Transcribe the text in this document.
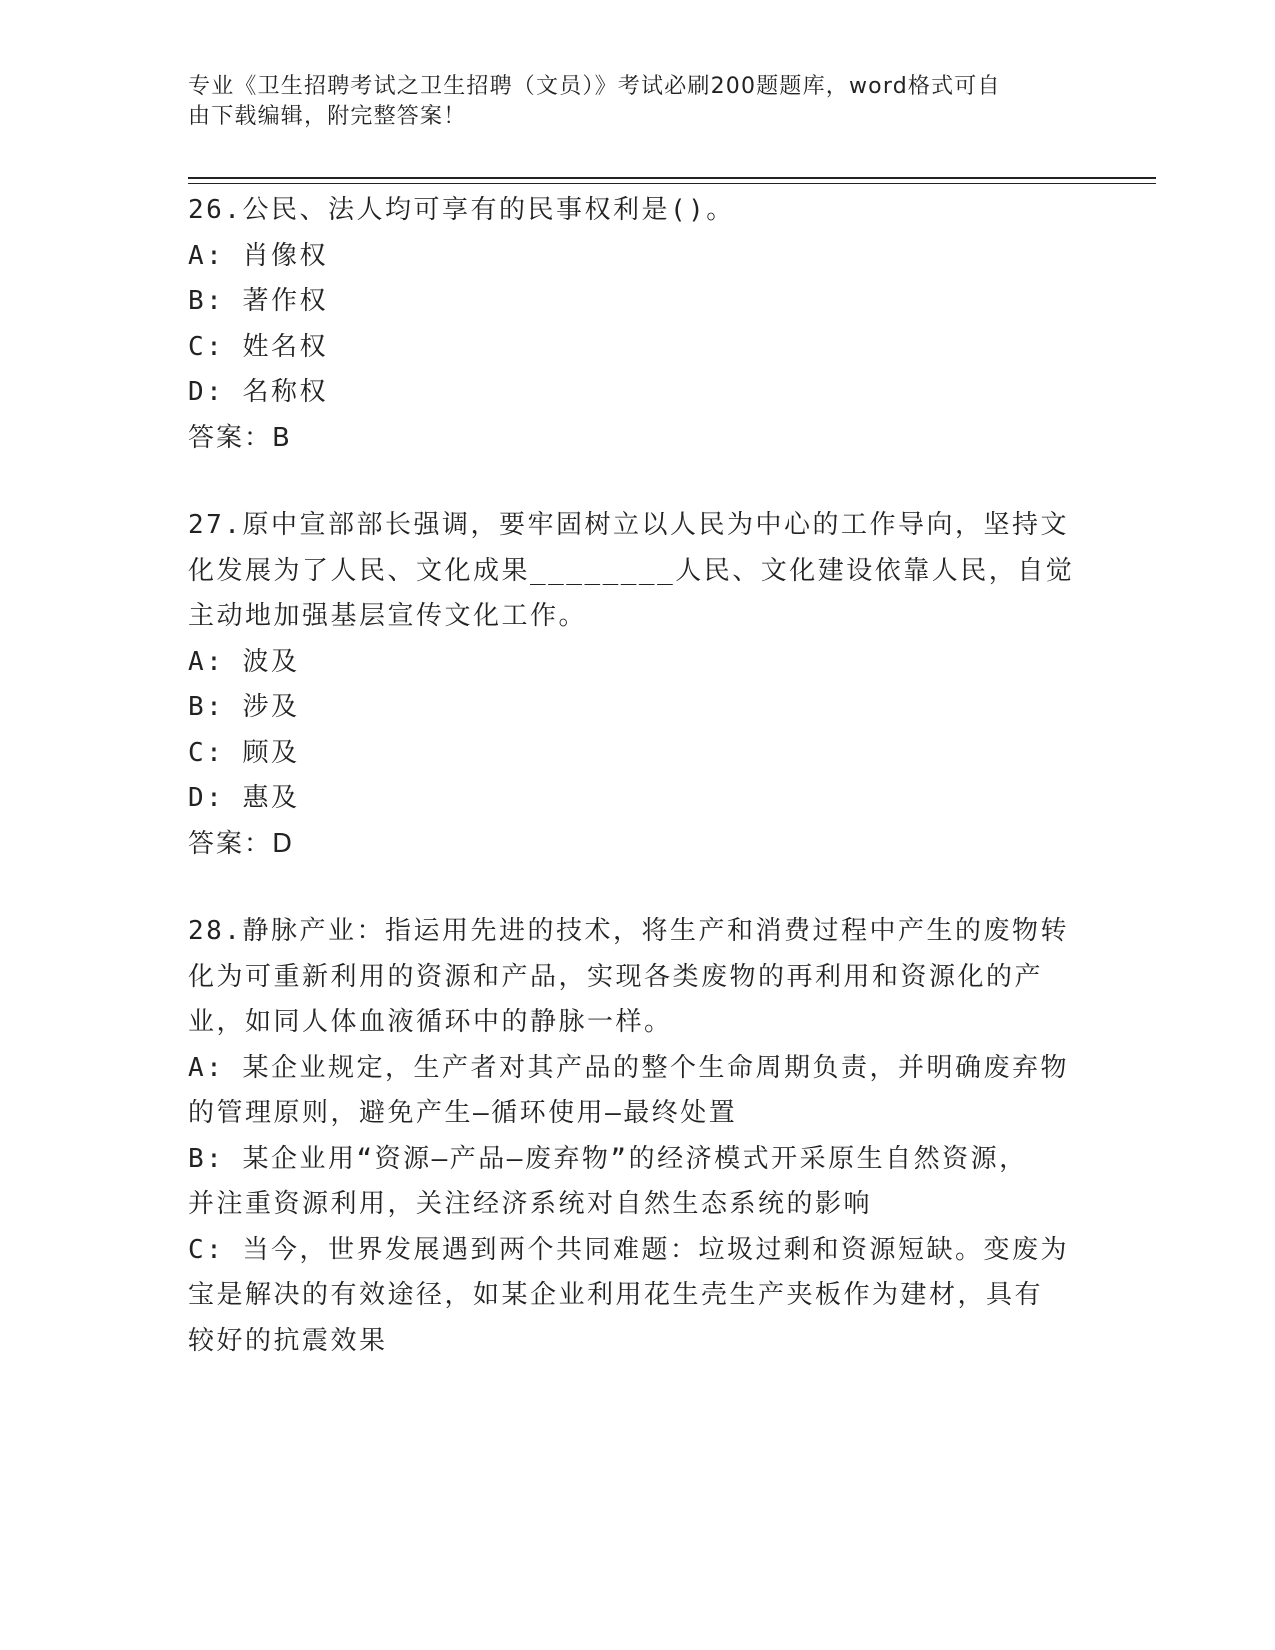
专业《卫生招聘考试之卫生招聘（文员）》考试必刷200题题库，word格式可自
由下载编辑，附完整答案！

26.公民、法人均可享有的民事权利是()。

A: 肖像权

B: 著作权

C: 姓名权

D: 名称权

答案：B

27.原中宣部部长强调，要牢固树立以人民为中心的工作导向，坚持文

化发展为了人民、文化成果________人民、文化建设依靠人民，自觉

主动地加强基层宣传文化工作。

A: 波及

B: 涉及

C: 顾及

D: 惠及

答案：D

28.静脉产业：指运用先进的技术，将生产和消费过程中产生的废物转

化为可重新利用的资源和产品，实现各类废物的再利用和资源化的产

业，如同人体血液循环中的静脉一样。

A: 某企业规定，生产者对其产品的整个生命周期负责，并明确废弃物

的管理原则，避免产生—循环使用—最终处置

B: 某企业用“资源—产品—废弃物”的经济模式开采原生自然资源，

并注重资源利用，关注经济系统对自然生态系统的影响

C: 当今，世界发展遇到两个共同难题：垃圾过剩和资源短缺。变废为

宝是解决的有效途径，如某企业利用花生壳生产夹板作为建材，具有

较好的抗震效果
